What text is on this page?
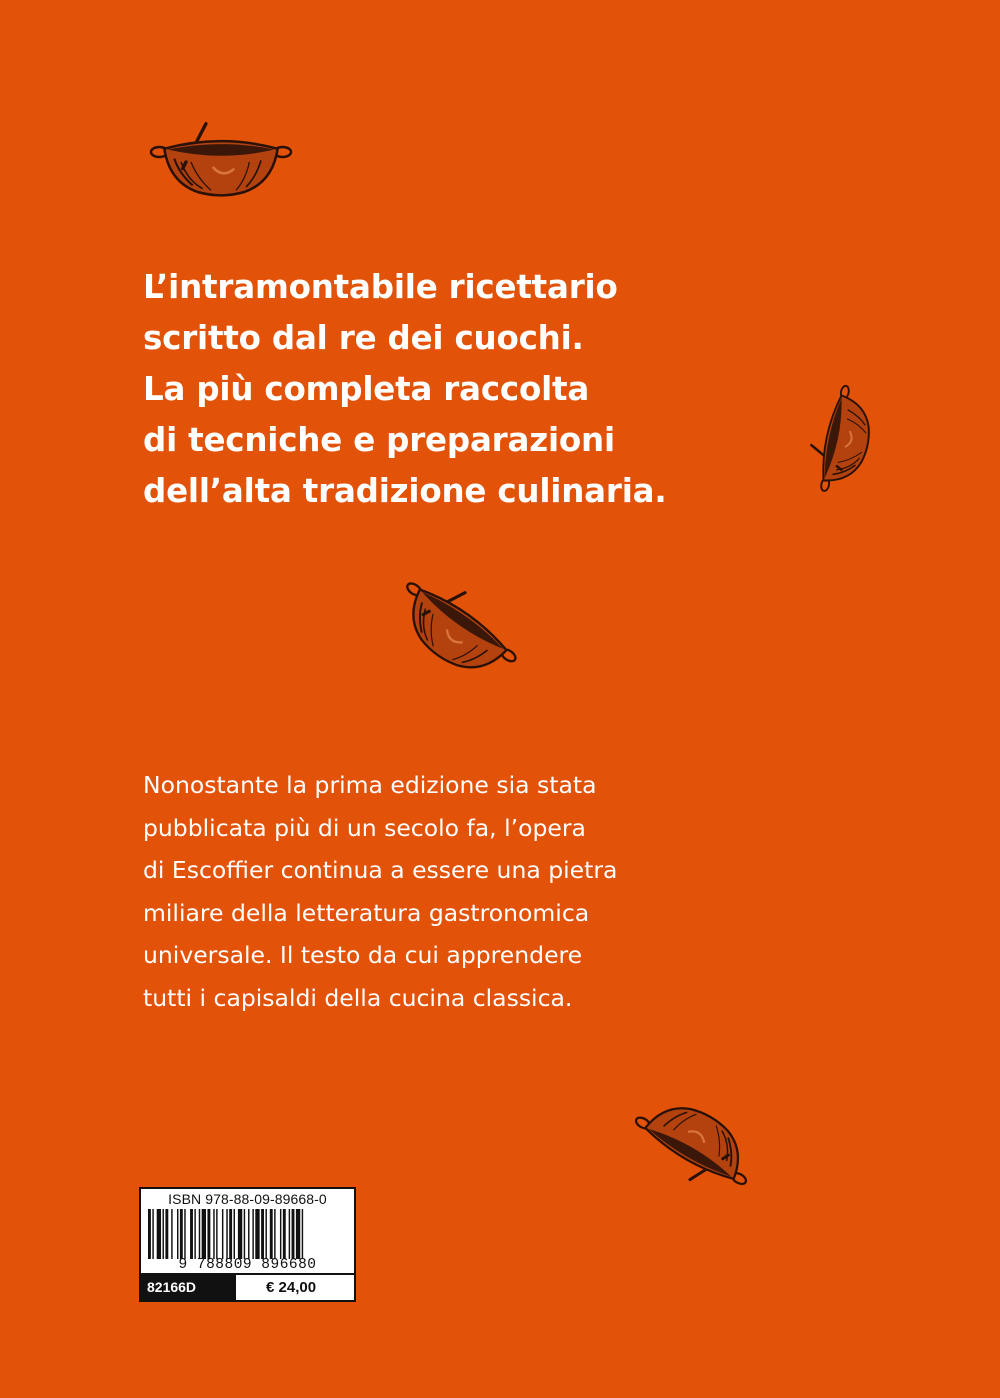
L’intramontabile ricettario
scritto dal re dei cuochi.
La più completa raccolta
di tecniche e preparazioni
dell’alta tradizione culinaria.

Nonostante la prima edizione sia stata
pubblicata più di un secolo fa, l’opera
di Escoffier continua a essere una pietra
miliare della letteratura gastronomica
universale. Il testo da cui apprendere
tutti i capisaldi della cucina classica.

ISBN 978-88-09-89668-0
9 788809 896680
82166D	€ 24,00
